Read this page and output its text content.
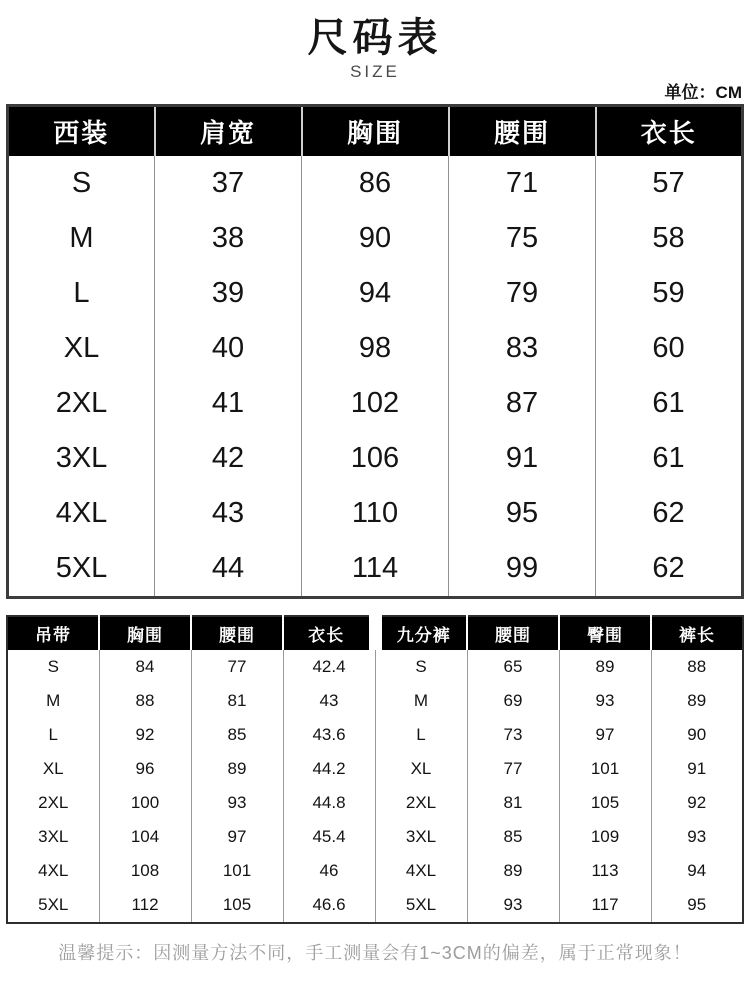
尺码表
SIZE
单位：CM
西装	肩宽	胸围	腰围	衣长
S	37	86	71	57
M	38	90	75	58
L	39	94	79	59
XL	40	98	83	60
2XL	41	102	87	61
3XL	42	106	91	61
4XL	43	110	95	62
5XL	44	114	99	62
吊带	胸围	腰围	衣长	九分裤	腰围	臀围	裤长
S	84	77	42.4	S	65	89	88
M	88	81	43	M	69	93	89
L	92	85	43.6	L	73	97	90
XL	96	89	44.2	XL	77	101	91
2XL	100	93	44.8	2XL	81	105	92
3XL	104	97	45.4	3XL	85	109	93
4XL	108	101	46	4XL	89	113	94
5XL	112	105	46.6	5XL	93	117	95
温馨提示：因测量方法不同，手工测量会有1~3CM的偏差，属于正常现象！
